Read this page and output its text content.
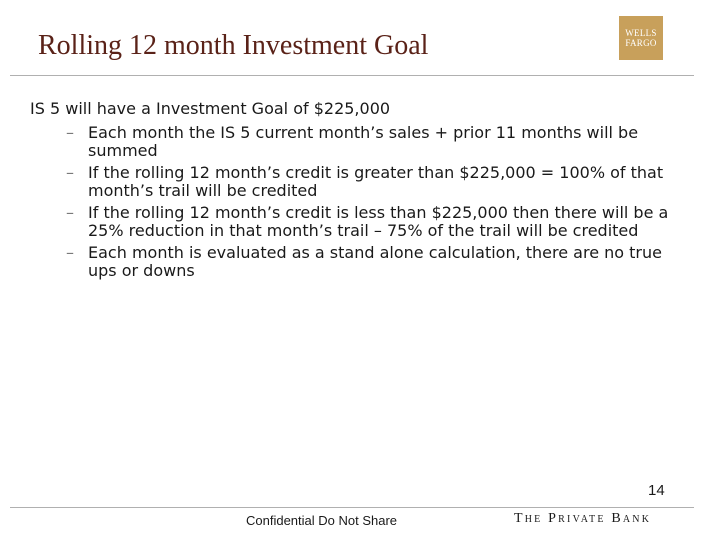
Rolling 12 month Investment Goal	WELLS
FARGO

IS 5 will have a Investment Goal of $225,000

– Each month the IS 5 current month’s sales + prior 11 months will be summed
– If the rolling 12 month’s credit is greater than $225,000 = 100% of that month’s trail will be credited
– If the rolling 12 month’s credit is less than $225,000 then there will be a 25% reduction in that month’s trail – 75% of the trail will be credited
– Each month is evaluated as a stand alone calculation, there are no true ups or downs
14
Confidential Do Not Share	The Private Bank
